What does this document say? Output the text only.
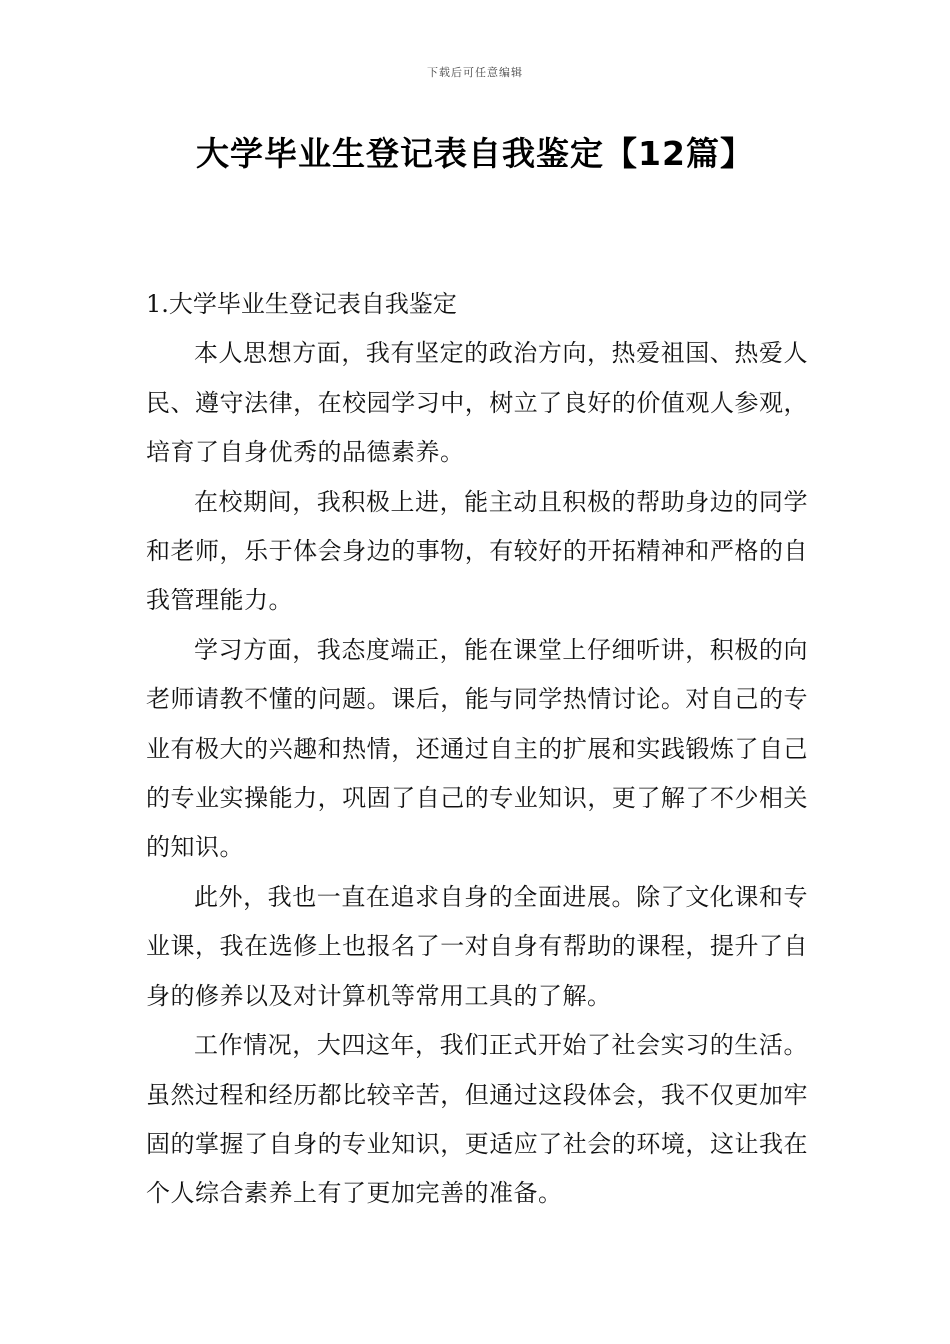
下载后可任意编辑
大学毕业生登记表自我鉴定【12篇】

1.大学毕业生登记表自我鉴定

本人思想方面，我有坚定的政治方向，热爱祖国、热爱人民、遵守法律，在校园学习中，树立了良好的价值观人参观，培育了自身优秀的品德素养。

在校期间，我积极上进，能主动且积极的帮助身边的同学和老师，乐于体会身边的事物，有较好的开拓精神和严格的自我管理能力。

学习方面，我态度端正，能在课堂上仔细听讲，积极的向老师请教不懂的问题。课后，能与同学热情讨论。对自己的专业有极大的兴趣和热情，还通过自主的扩展和实践锻炼了自己的专业实操能力，巩固了自己的专业知识，更了解了不少相关的知识。

此外，我也一直在追求自身的全面进展。除了文化课和专业课，我在选修上也报名了一对自身有帮助的课程，提升了自身的修养以及对计算机等常用工具的了解。

工作情况，大四这年，我们正式开始了社会实习的生活。虽然过程和经历都比较辛苦，但通过这段体会，我不仅更加牢固的掌握了自身的专业知识，更适应了社会的环境，这让我在个人综合素养上有了更加完善的准备。
